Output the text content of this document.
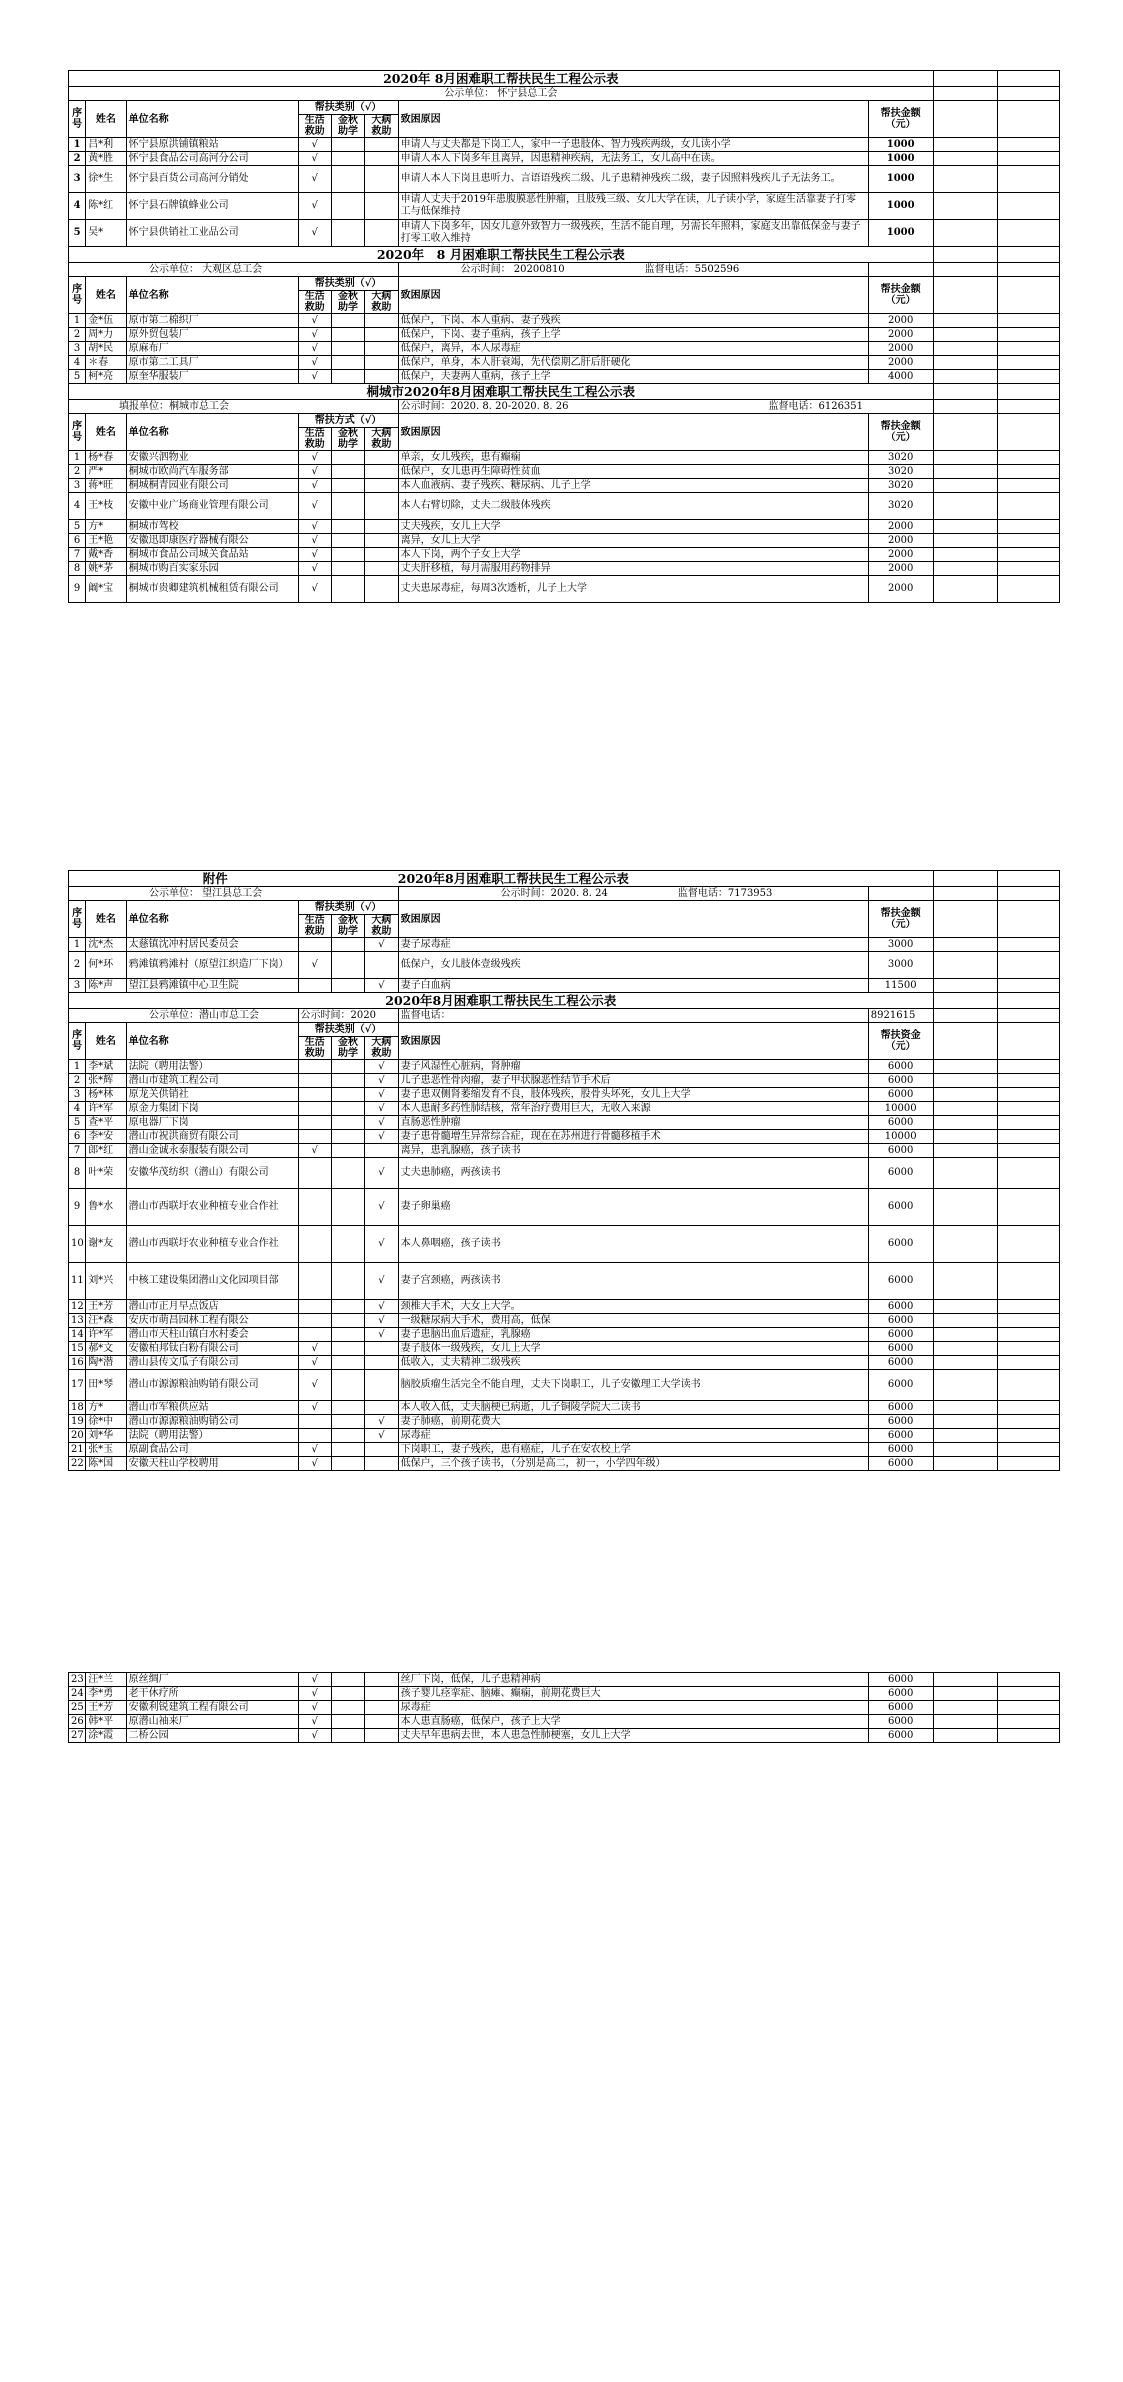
2020年 8月困难职工帮扶民生工程公示表									
公示单位： 怀宁县总工会									
序号	姓名	单位名称	帮扶类别（√）			致困原因	帮扶金额（元）		
			生活救助	金秋助学	大病救助				
1	吕*利	怀宁县原洪铺镇粮站	√			申请人与丈夫都是下岗工人，家中一子患肢体、智力残疾两级，女儿读小学	1000		
2	黄*胜	怀宁县食品公司高河分公司	√			申请人本人下岗多年且离异，因患精神疾病，无法务工，女儿高中在读。	1000		
3	徐*生	怀宁县百货公司高河分销处	√			申请人本人下岗且患听力、言语语残疾二级、儿子患精神残疾二级，妻子因照料残疾儿子无法务工。	1000		
4	陈*红	怀宁县石牌镇蜂业公司	√			申请人丈夫于2019年患腹膜恶性肿瘤，且肢残三级、女儿大学在读，儿子读小学，家庭生活靠妻子打零工与低保维持	1000		
5	吴*	怀宁县供销社工业品公司	√			申请人下岗多年，因女儿意外致智力一级残疾，生活不能自理，另需长年照料，家庭支出靠低保金与妻子打零工收入维持	1000		
2020年　8 月困难职工帮扶民生工程公示表									
公示单位： 大观区总工会						公示时间： 20200810 监督电话：5502596			
序号	姓名	单位名称	帮扶类别（√）			致困原因	帮扶金额（元）		
			生活救助	金秋助学	大病救助				
1	金*伍	原市第二棉织厂	√			低保户，下岗、本人重病、妻子残疾	2000		
2	周*力	原外贸包装厂	√			低保户，下岗、妻子重病，孩子上学	2000		
3	胡*民	原麻布厂	√			低保户，离异，本人尿毒症	2000		
4	＊春	原市第二工具厂	√			低保户，单身，本人肝衰竭，先代偿期乙肝后肝硬化	2000		
5	柯*亮	原奎华服装厂	√			低保户，夫妻两人重病，孩子上学	4000		
桐城市2020年8月困难职工帮扶民生工程公示表									
填报单位：桐城市总工会						公示时间：2020. 8. 20-2020. 8. 26 监督电话：6126351			
序号	姓名	单位名称	帮扶方式（√）			致困原因	帮扶金额（元）		
			生活救助	金秋助学	大病救助				
1	杨*春	安徽兴泗物业	√			单亲，女儿残疾，患有癫痫	3020		
2	严*	桐城市欧尚汽车服务部	√			低保户，女儿患再生障碍性贫血	3020		
3	蒋*旺	桐城桐青园业有限公司	√			本人血液病、妻子残疾、糖尿病、儿子上学	3020		
4	王*枝	安徽中业广场商业管理有限公司	√			本人右臂切除，丈夫二级肢体残疾	3020		
5	方*	桐城市驾校	√			丈夫残疾，女儿上大学	2000		
6	王*艳	安徽迅即康医疗器械有限公	√			离异，女儿上大学	2000		
7	戴*香	桐城市食品公司城关食品站	√			本人下岗，两个子女上大学	2000		
8	姚*茅	桐城市购百实家乐园	√			丈夫肝移植，每月需服用药物排异	2000		
9	阚*宝	桐城市贵卿建筑机械租赁有限公司	√			丈夫患尿毒症，每周3次透析，儿子上大学	2000		
附件 2020年8月困难职工帮扶民生工程公示表									
公示单位： 望江县总工会						公示时间：2020. 8. 24 监督电话：7173953			
序号	姓名	单位名称	帮扶类别（√）			致困原因	帮扶金额（元）		
			生活救助	金秋助学	大病救助				
1	沈*杰	太慈镇沈冲村居民委员会			√	妻子尿毒症	3000		
2	何*环	鸦滩镇鸦滩村（原望江织造厂下岗）	√			低保户，女儿肢体壹级残疾	3000		
3	陈*声	望江县鸦滩镇中心卫生院			√	妻子白血病	11500		
2020年8月困难职工帮扶民生工程公示表									
公示单位：潜山市总工会			公示时间：2020			监督电话：	8921615		
序号	姓名	单位名称	帮扶类别（√）			致困原因	帮扶资金（元）		
			生活救助	金秋助学	大病救助				
1	李*斌	法院（聘用法警）			√	妻子风湿性心脏病，肾肿瘤	6000		
2	张*辉	潜山市建筑工程公司			√	儿子患恶性骨肉瘤，妻子甲状腺恶性结节手术后	6000		
3	杨*林	原龙关供销社			√	妻子患双侧肾萎缩发育不良，肢体残疾，股骨头坏死，女儿上大学	6000		
4	许*军	原金力集团下岗			√	本人患耐多药性肺结核，常年治疗费用巨大，无收入来源	10000		
5	查*平	原电器厂下岗			√	直肠恶性肿瘤	6000		
6	李*安	潜山市祝洪商贸有限公司			√	妻子患骨髓增生异常综合症，现在在苏州进行骨髓移植手术	10000		
7	郎*红	潜山金诚永泰服装有限公司	√			离异，患乳腺癌，孩子读书	6000		
8	叶*荣	安徽华茂纺织（潜山）有限公司			√	丈夫患肺癌，两孩读书	6000		
9	鲁*水	潜山市西联圩农业种植专业合作社			√	妻子卵巢癌	6000		
10	谢*友	潜山市西联圩农业种植专业合作社			√	本人鼻咽癌，孩子读书	6000		
11	刘*兴	中核工建设集团潜山文化园项目部			√	妻子宫颈癌，两孩读书	6000		
12	王*芳	潜山市正月早点饭店			√	颈椎大手术，大女上大学。	6000		
13	汪*森	安庆市萌昌园林工程有限公			√	一级糖尿病大手术，费用高，低保	6000		
14	许*军	潜山市天柱山镇白水村委会			√	妻子患脑出血后遗症，乳腺癌	6000		
15	郝*文	安徽柏邦钛白粉有限公司	√			妻子肢体一级残疾，女儿上大学	6000		
16	陶*潜	潜山县传文瓜子有限公司	√			低收入，丈夫精神二级残疾	6000		
17	田*琴	潜山市源源粮油购销有限公司	√			脑胶质瘤生活完全不能自理，丈夫下岗职工，儿子安徽理工大学读书	6000		
18	方*	潜山市军粮供应站	√			本人收入低，丈夫脑梗已病逝，儿子铜陵学院大二读书	6000		
19	徐*中	潜山市源源粮油购销公司			√	妻子肺癌，前期花费大	6000		
20	刘*华	法院（聘用法警）			√	尿毒症	6000		
21	张*玉	原副食品公司	√			下岗职工，妻子残疾，患有癌症，儿子在安农校上学	6000		
22	陈*国	安徽天柱山学校聘用	√			低保户，三个孩子读书，（分别是高二，初一，小学四年级）	6000		
23	汪*兰	原丝绸厂	√			丝厂下岗，低保，儿子患精神病	6000		
24	李*勇	老干休疗所	√			孩子婴儿痉挛症、脑瘫、癫痫，前期花费巨大	6000		
25	王*芳	安徽利锐建筑工程有限公司	√			尿毒症	6000		
26	韩*平	原潜山袖来厂	√			本人患直肠癌，低保户，孩子上大学	6000		
27	涂*霞	二桥公园	√			丈夫早年患病去世，本人患急性肺梗塞，女儿上大学	6000		
